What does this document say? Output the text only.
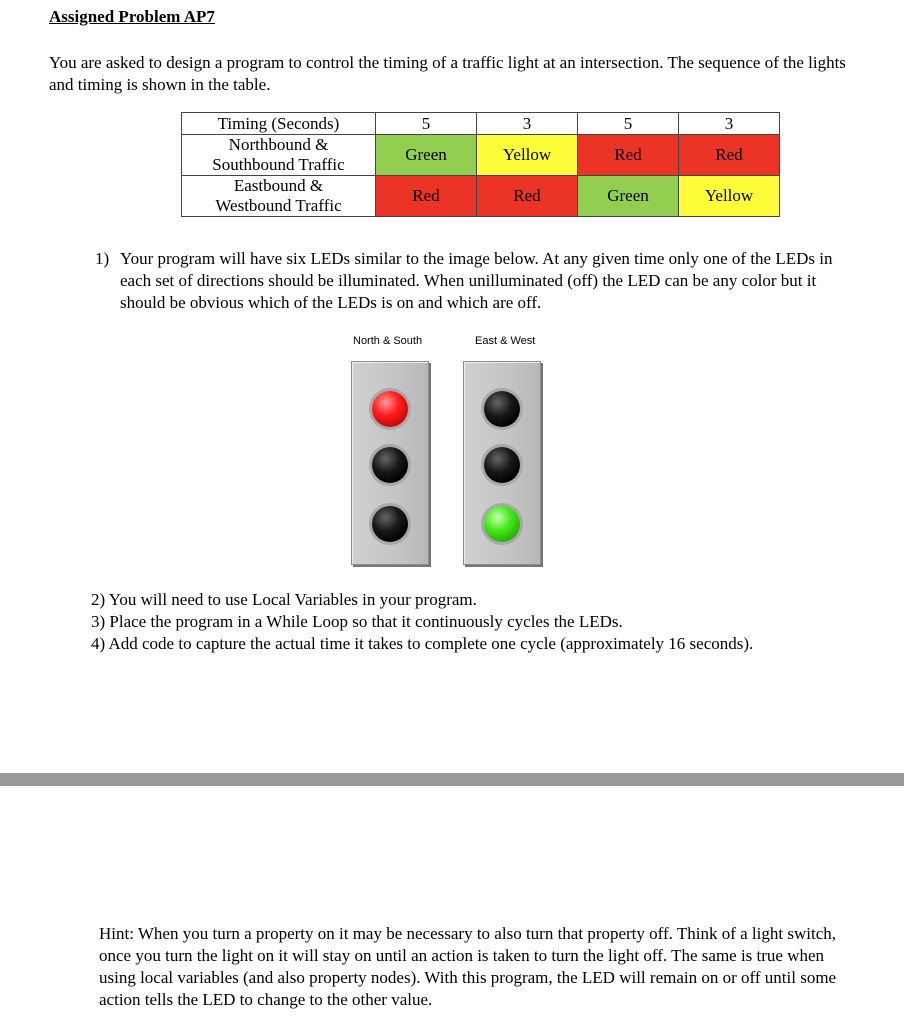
Assigned Problem AP7
You are asked to design a program to control the timing of a traffic light at an intersection. The sequence of the lights and timing is shown in the table.
Timing (Seconds)	5	3	5	3

Northbound &
Southbound Traffic	Green	Yellow	Red	Red

Eastbound &
Westbound Traffic	Red	Red	Green	Yellow
1) Your program will have six LEDs similar to the image below. At any given time only one of the LEDs in each set of directions should be illuminated. When unilluminated (off) the LED can be any color but it should be obvious which of the LEDs is on and which are off.
North & South	East & West
2) You will need to use Local Variables in your program.
3) Place the program in a While Loop so that it continuously cycles the LEDs.
4) Add code to capture the actual time it takes to complete one cycle (approximately 16 seconds).
Hint: When you turn a property on it may be necessary to also turn that property off. Think of a light switch, once you turn the light on it will stay on until an action is taken to turn the light off. The same is true when using local variables (and also property nodes). With this program, the LED will remain on or off until some action tells the LED to change to the other value.
